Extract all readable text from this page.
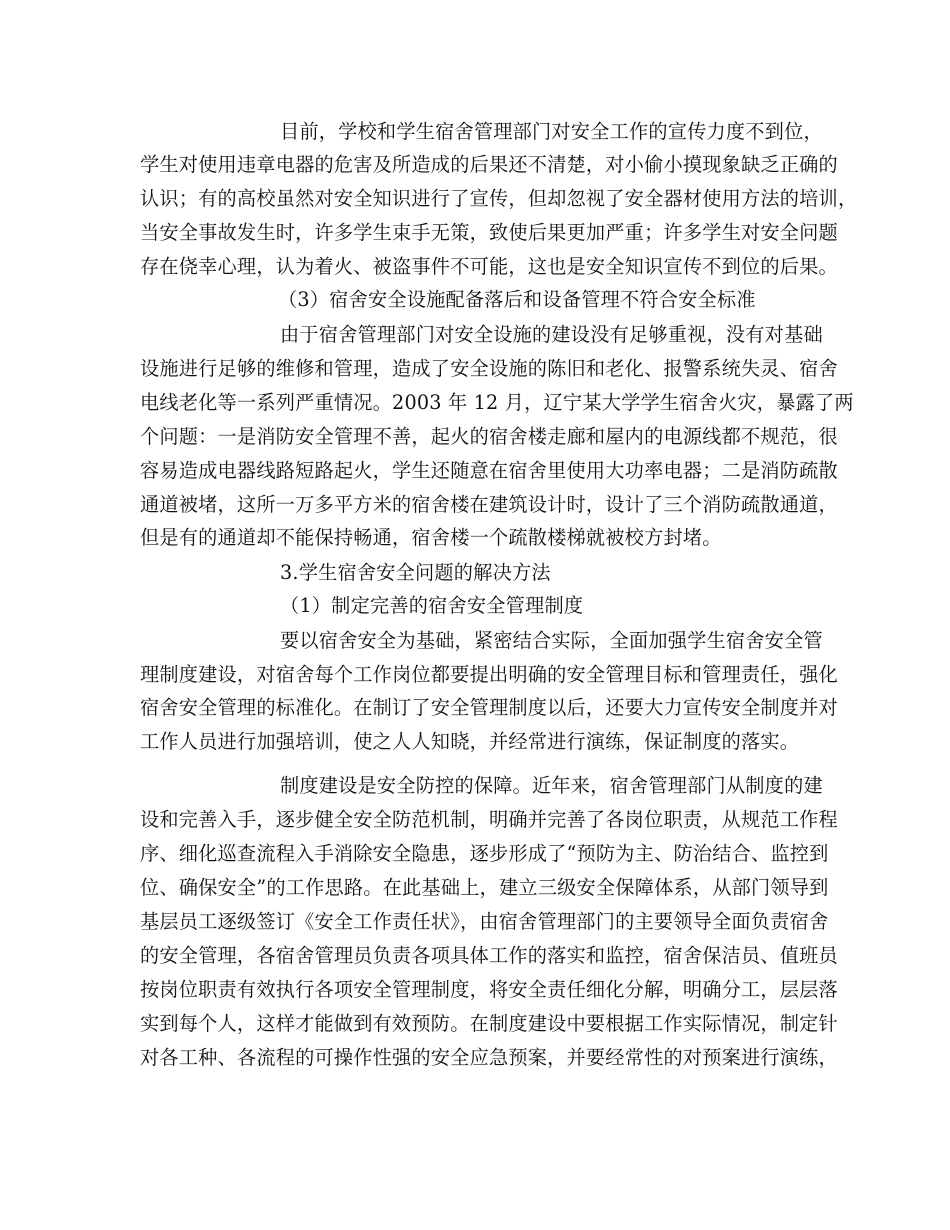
目前，学校和学生宿舍管理部门对安全工作的宣传力度不到位，
学生对使用违章电器的危害及所造成的后果还不清楚，对小偷小摸现象缺乏正确的
认识；有的高校虽然对安全知识进行了宣传，但却忽视了安全器材使用方法的培训，
当安全事故发生时，许多学生束手无策，致使后果更加严重；许多学生对安全问题
存在侥幸心理，认为着火、被盗事件不可能，这也是安全知识宣传不到位的后果。
（3）宿舍安全设施配备落后和设备管理不符合安全标准
由于宿舍管理部门对安全设施的建设没有足够重视，没有对基础
设施进行足够的维修和管理，造成了安全设施的陈旧和老化、报警系统失灵、宿舍
电线老化等一系列严重情况。2003 年 12 月，辽宁某大学学生宿舍火灾，暴露了两
个问题：一是消防安全管理不善，起火的宿舍楼走廊和屋内的电源线都不规范，很
容易造成电器线路短路起火，学生还随意在宿舍里使用大功率电器；二是消防疏散
通道被堵，这所一万多平方米的宿舍楼在建筑设计时，设计了三个消防疏散通道，
但是有的通道却不能保持畅通，宿舍楼一个疏散楼梯就被校方封堵。
3.学生宿舍安全问题的解决方法
（1）制定完善的宿舍安全管理制度
要以宿舍安全为基础，紧密结合实际，全面加强学生宿舍安全管
理制度建设，对宿舍每个工作岗位都要提出明确的安全管理目标和管理责任，强化
宿舍安全管理的标准化。在制订了安全管理制度以后，还要大力宣传安全制度并对
工作人员进行加强培训，使之人人知晓，并经常进行演练，保证制度的落实。
制度建设是安全防控的保障。近年来，宿舍管理部门从制度的建
设和完善入手，逐步健全安全防范机制，明确并完善了各岗位职责，从规范工作程
序、细化巡查流程入手消除安全隐患，逐步形成了“预防为主、防治结合、监控到
位、确保安全”的工作思路。在此基础上，建立三级安全保障体系，从部门领导到
基层员工逐级签订《安全工作责任状》，由宿舍管理部门的主要领导全面负责宿舍
的安全管理，各宿舍管理员负责各项具体工作的落实和监控，宿舍保洁员、值班员
按岗位职责有效执行各项安全管理制度，将安全责任细化分解，明确分工，层层落
实到每个人，这样才能做到有效预防。在制度建设中要根据工作实际情况，制定针
对各工种、各流程的可操作性强的安全应急预案，并要经常性的对预案进行演练，
